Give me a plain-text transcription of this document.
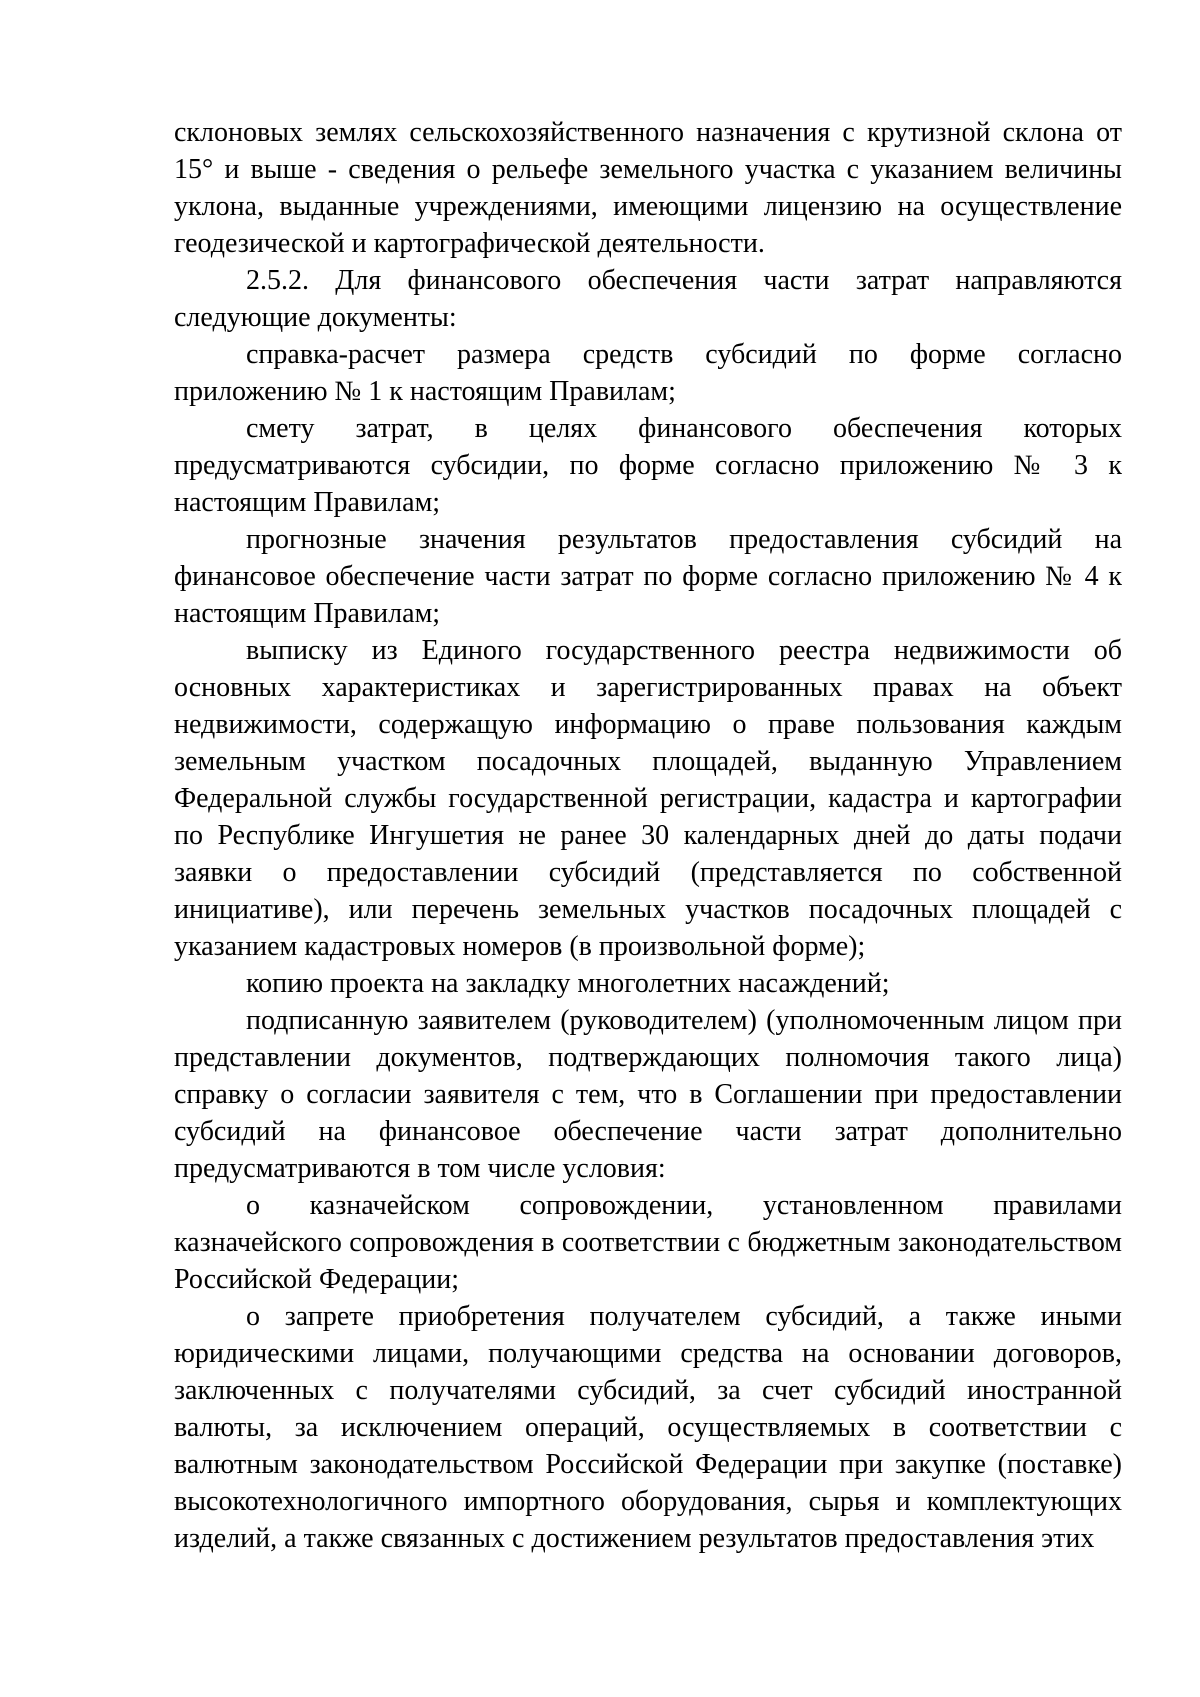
склоновых землях сельскохозяйственного назначения с крутизной склона от 15° и выше - сведения о рельефе земельного участка с указанием величины уклона, выданные учреждениями, имеющими лицензию на осуществление геодезической и картографической деятельности.

2.5.2. Для финансового обеспечения части затрат направляются следующие документы:

справка-расчет размера средств субсидий по форме согласно приложению № 1 к настоящим Правилам;

смету затрат, в целях финансового обеспечения которых предусматриваются субсидии, по форме согласно приложению № 3 к настоящим Правилам;

прогнозные значения результатов предоставления субсидий на финансовое обеспечение части затрат по форме согласно приложению № 4 к настоящим Правилам;

выписку из Единого государственного реестра недвижимости об основных характеристиках и зарегистрированных правах на объект недвижимости, содержащую информацию о праве пользования каждым земельным участком посадочных площадей, выданную Управлением Федеральной службы государственной регистрации, кадастра и картографии по Республике Ингушетия не ранее 30 календарных дней до даты подачи заявки о предоставлении субсидий (представляется по собственной инициативе), или перечень земельных участков посадочных площадей с указанием кадастровых номеров (в произвольной форме);

копию проекта на закладку многолетних насаждений;

подписанную заявителем (руководителем) (уполномоченным лицом при представлении документов, подтверждающих полномочия такого лица) справку о согласии заявителя с тем, что в Соглашении при предоставлении субсидий на финансовое обеспечение части затрат дополнительно предусматриваются в том числе условия:

о казначейском сопровождении, установленном правилами казначейского сопровождения в соответствии с бюджетным законодательством Российской Федерации;

о запрете приобретения получателем субсидий, а также иными юридическими лицами, получающими средства на основании договоров, заключенных с получателями субсидий, за счет субсидий иностранной валюты, за исключением операций, осуществляемых в соответствии с валютным законодательством Российской Федерации при закупке (поставке) высокотехнологичного импортного оборудования, сырья и комплектующих изделий, а также связанных с достижением результатов предоставления этих
